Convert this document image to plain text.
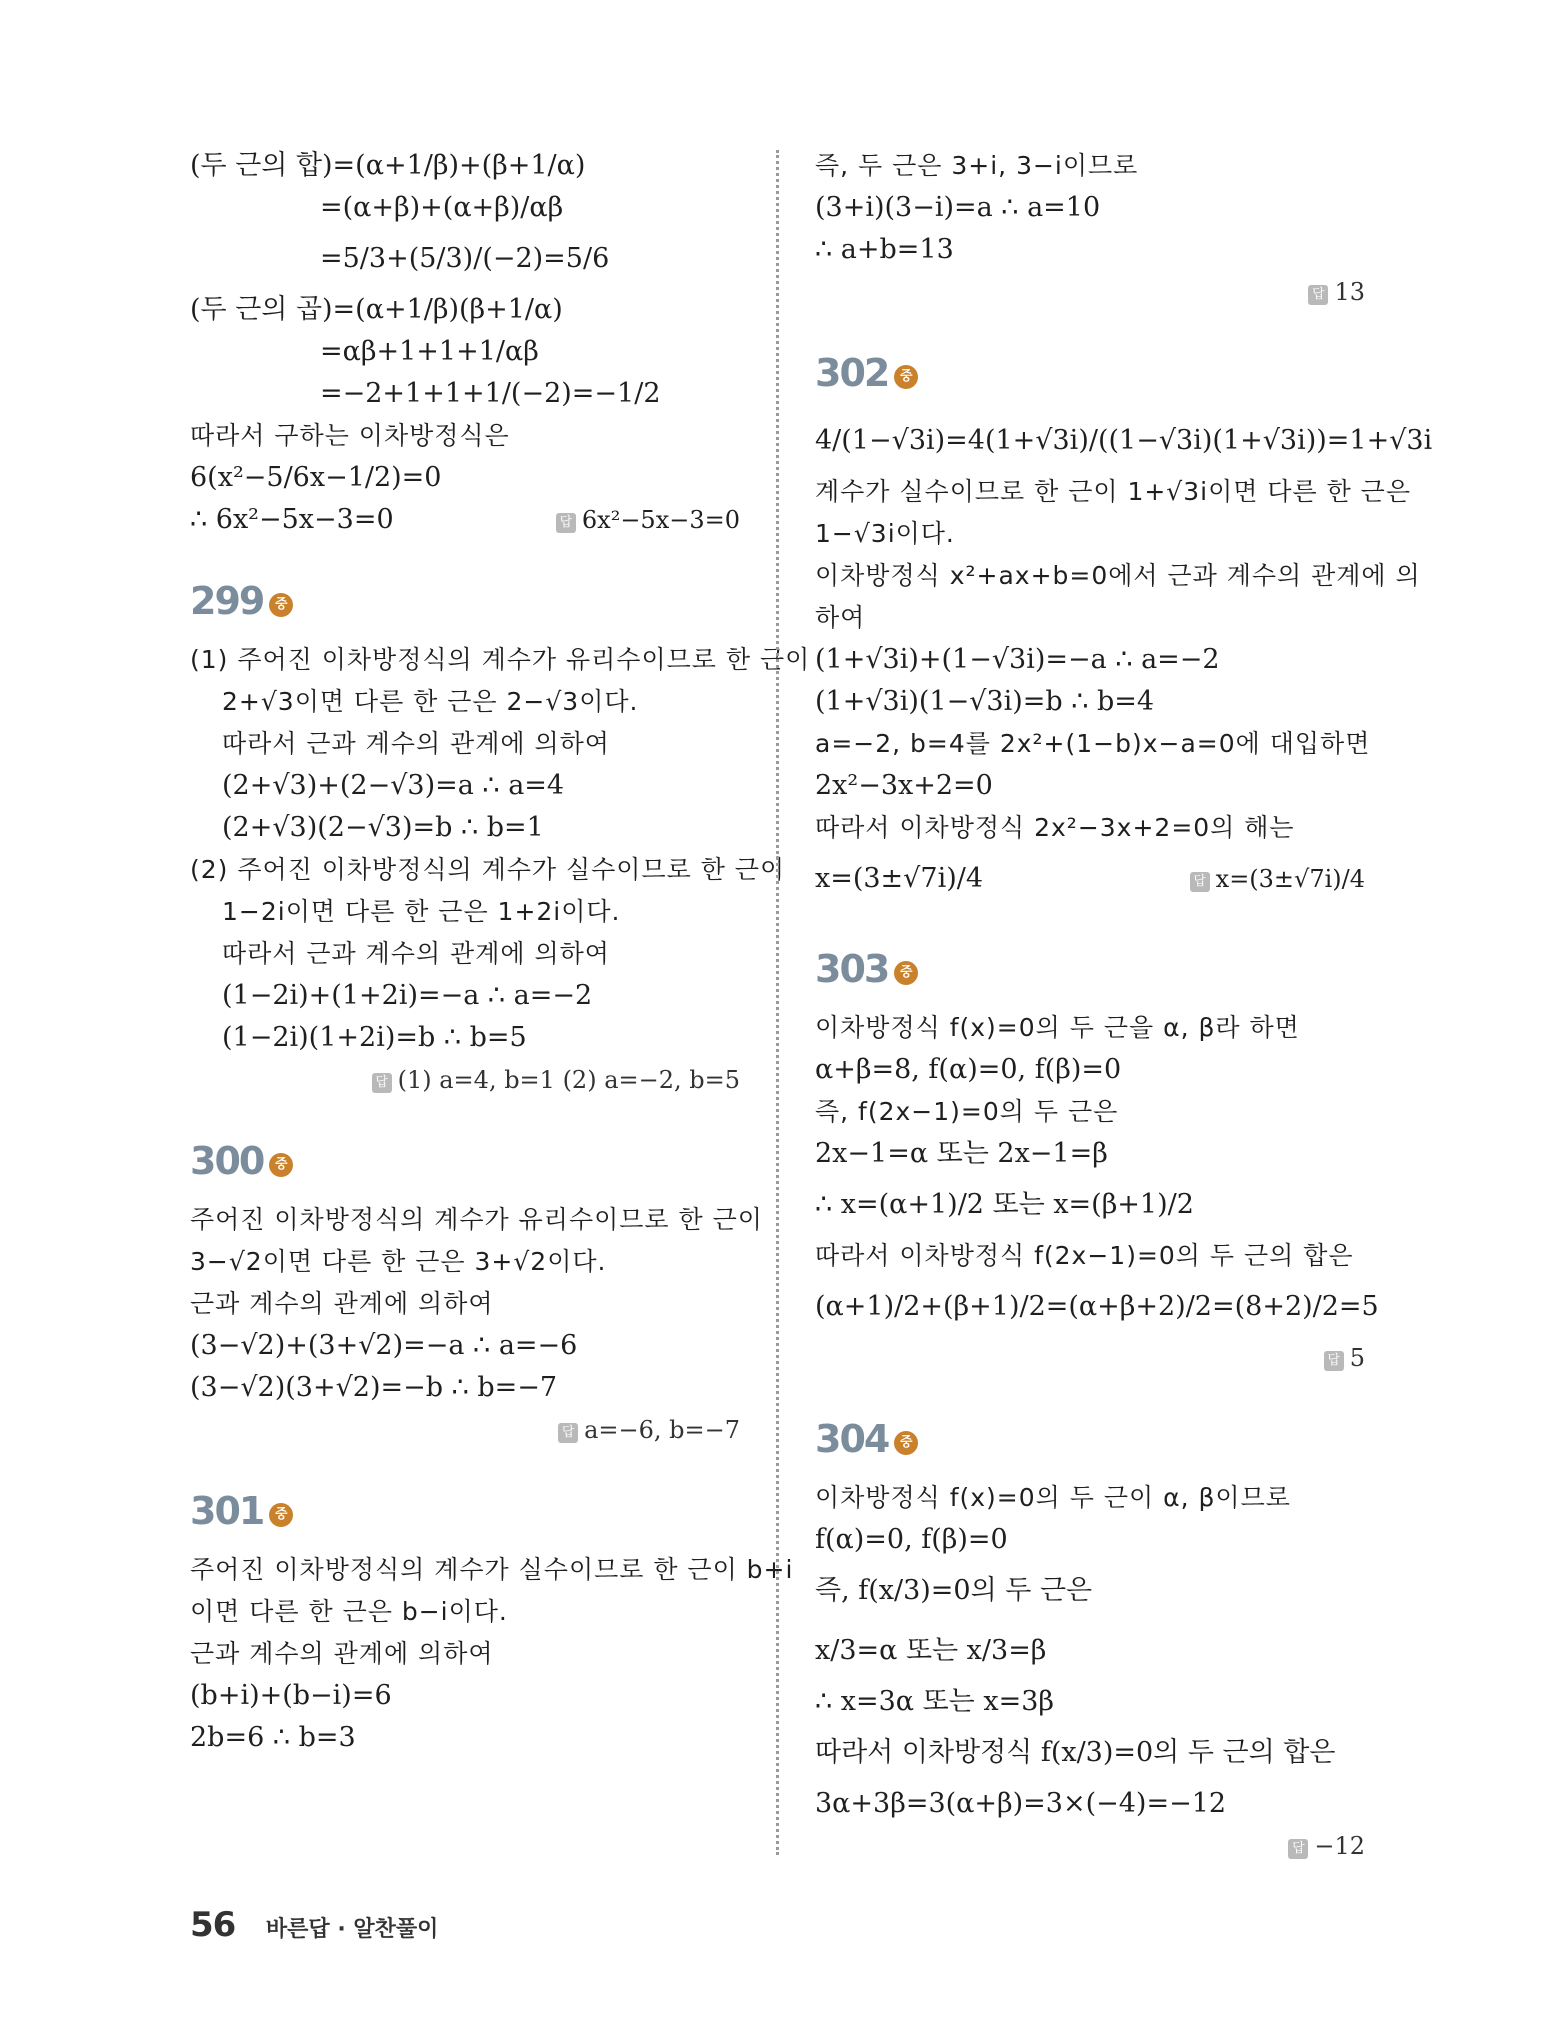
(두 근의 합)=(α+1/β)+(β+1/α)
=(α+β)+(α+β)/αβ
=5/3+(5/3)/(−2)=5/6
(두 근의 곱)=(α+1/β)(β+1/α)
=αβ+1+1+1/αβ
=−2+1+1+1/(−2)=−1/2
따라서 구하는 이차방정식은
6(x²−5/6x−1/2)=0
∴ 6x²−5x−3=0	답 6x²−5x−3=0
299 중
(1) 주어진 이차방정식의 계수가 유리수이므로 한 근이
2+√3이면 다른 한 근은 2−√3이다.
따라서 근과 계수의 관계에 의하여
(2+√3)+(2−√3)=a ∴ a=4
(2+√3)(2−√3)=b ∴ b=1
(2) 주어진 이차방정식의 계수가 실수이므로 한 근이
1−2i이면 다른 한 근은 1+2i이다.
따라서 근과 계수의 관계에 의하여
(1−2i)+(1+2i)=−a ∴ a=−2
(1−2i)(1+2i)=b ∴ b=5
답 (1) a=4, b=1 (2) a=−2, b=5
300 중
주어진 이차방정식의 계수가 유리수이므로 한 근이
3−√2이면 다른 한 근은 3+√2이다.
근과 계수의 관계에 의하여
(3−√2)+(3+√2)=−a ∴ a=−6
(3−√2)(3+√2)=−b ∴ b=−7
답 a=−6, b=−7
301 중
주어진 이차방정식의 계수가 실수이므로 한 근이 b+i
이면 다른 한 근은 b−i이다.
근과 계수의 관계에 의하여
(b+i)+(b−i)=6
2b=6 ∴ b=3
즉, 두 근은 3+i, 3−i이므로
(3+i)(3−i)=a ∴ a=10
∴ a+b=13
답 13
302 중
4/(1−√3i)=4(1+√3i)/((1−√3i)(1+√3i))=1+√3i
계수가 실수이므로 한 근이 1+√3i이면 다른 한 근은
1−√3i이다.
이차방정식 x²+ax+b=0에서 근과 계수의 관계에 의
하여
(1+√3i)+(1−√3i)=−a ∴ a=−2
(1+√3i)(1−√3i)=b ∴ b=4
a=−2, b=4를 2x²+(1−b)x−a=0에 대입하면
2x²−3x+2=0
따라서 이차방정식 2x²−3x+2=0의 해는
x=(3±√7i)/4	답 x=(3±√7i)/4
303 중
이차방정식 f(x)=0의 두 근을 α, β라 하면
α+β=8, f(α)=0, f(β)=0
즉, f(2x−1)=0의 두 근은
2x−1=α 또는 2x−1=β
∴ x=(α+1)/2 또는 x=(β+1)/2
따라서 이차방정식 f(2x−1)=0의 두 근의 합은
(α+1)/2+(β+1)/2=(α+β+2)/2=(8+2)/2=5
답 5
304 중
이차방정식 f(x)=0의 두 근이 α, β이므로
f(α)=0, f(β)=0
즉, f(x/3)=0의 두 근은
x/3=α 또는 x/3=β
∴ x=3α 또는 x=3β
따라서 이차방정식 f(x/3)=0의 두 근의 합은
3α+3β=3(α+β)=3×(−4)=−12
답 −12
56 바른답 · 알찬풀이
